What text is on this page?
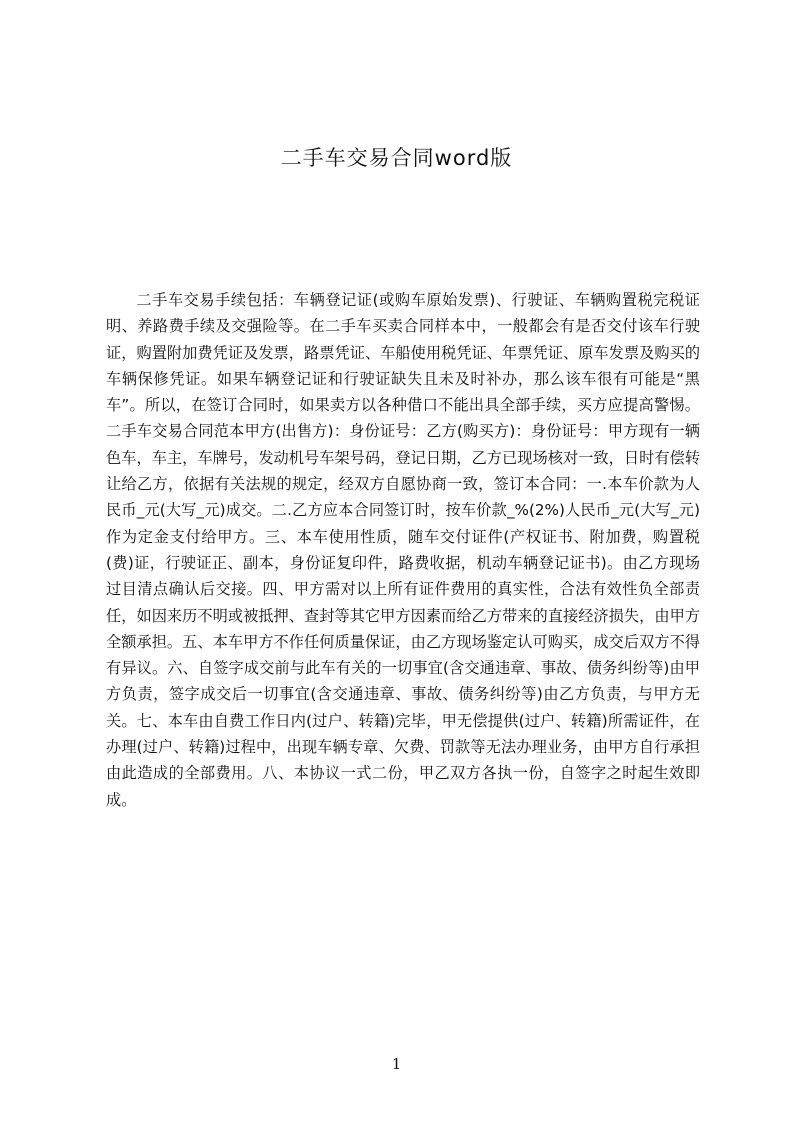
二手车交易合同word版

二手车交易手续包括：车辆登记证(或购车原始发票)、行驶证、车辆购置税完税证明、养路费手续及交强险等。在二手车买卖合同样本中，一般都会有是否交付该车行驶证，购置附加费凭证及发票，路票凭证、车船使用税凭证、年票凭证、原车发票及购买的车辆保修凭证。如果车辆登记证和行驶证缺失且未及时补办，那么该车很有可能是“黑车”。所以，在签订合同时，如果卖方以各种借口不能出具全部手续，买方应提高警惕。二手车交易合同范本甲方(出售方)：身份证号：乙方(购买方)：身份证号：甲方现有一辆色车，车主，车牌号，发动机号车架号码，登记日期，乙方已现场核对一致，日时有偿转让给乙方，依据有关法规的规定，经双方自愿协商一致，签订本合同：一.本车价款为人民币_元(大写_元)成交。二.乙方应本合同签订时，按车价款_%(2%)人民币_元(大写_元)作为定金支付给甲方。三、本车使用性质，随车交付证件(产权证书、附加费，购置税(费)证，行驶证正、副本，身份证复印件，路费收据，机动车辆登记证书)。由乙方现场过目清点确认后交接。四、甲方需对以上所有证件费用的真实性，合法有效性负全部责任，如因来历不明或被抵押、查封等其它甲方因素而给乙方带来的直接经济损失，由甲方全额承担。五、本车甲方不作任何质量保证，由乙方现场鉴定认可购买，成交后双方不得有异议。六、自签字成交前与此车有关的一切事宜(含交通违章、事故、债务纠纷等)由甲方负责，签字成交后一切事宜(含交通违章、事故、债务纠纷等)由乙方负责，与甲方无关。七、本车由自费工作日内(过户、转籍)完毕，甲无偿提供(过户、转籍)所需证件，在办理(过户、转籍)过程中，出现车辆专章、欠费、罚款等无法办理业务，由甲方自行承担由此造成的全部费用。八、本协议一式二份，甲乙双方各执一份，自签字之时起生效即成。

1
